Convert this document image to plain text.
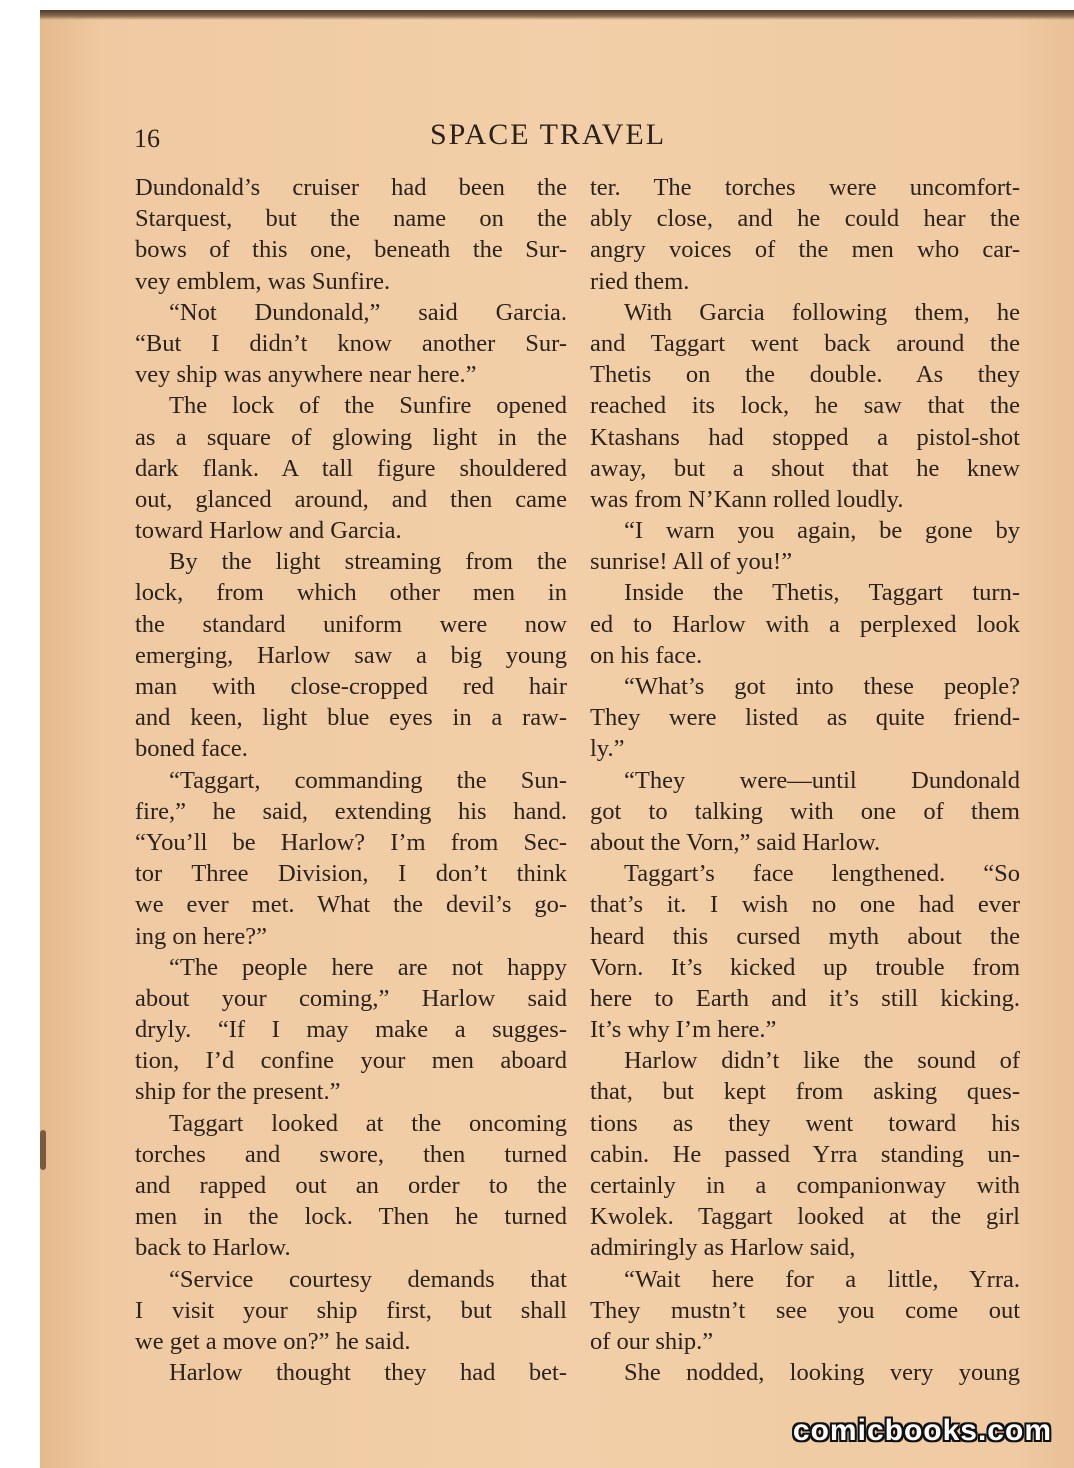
16	SPACE TRAVEL
Dundonald’s cruiser had been the
Starquest, but the name on the
bows of this one, beneath the Sur-
vey emblem, was Sunfire.
“Not Dundonald,” said Garcia.
“But I didn’t know another Sur-
vey ship was anywhere near here.”
The lock of the Sunfire opened
as a square of glowing light in the
dark flank. A tall figure shouldered
out, glanced around, and then came
toward Harlow and Garcia.
By the light streaming from the
lock, from which other men in
the standard uniform were now
emerging, Harlow saw a big young
man with close-cropped red hair
and keen, light blue eyes in a raw-
boned face.
“Taggart, commanding the Sun-
fire,” he said, extending his hand.
“You’ll be Harlow? I’m from Sec-
tor Three Division, I don’t think
we ever met. What the devil’s go-
ing on here?”
“The people here are not happy
about your coming,” Harlow said
dryly. “If I may make a sugges-
tion, I’d confine your men aboard
ship for the present.”
Taggart looked at the oncoming
torches and swore, then turned
and rapped out an order to the
men in the lock. Then he turned
back to Harlow.
“Service courtesy demands that
I visit your ship first, but shall
we get a move on?” he said.
Harlow thought they had bet-
ter. The torches were uncomfort-
ably close, and he could hear the
angry voices of the men who car-
ried them.
With Garcia following them, he
and Taggart went back around the
Thetis on the double. As they
reached its lock, he saw that the
Ktashans had stopped a pistol-shot
away, but a shout that he knew
was from N’Kann rolled loudly.
“I warn you again, be gone by
sunrise! All of you!”
Inside the Thetis, Taggart turn-
ed to Harlow with a perplexed look
on his face.
“What’s got into these people?
They were listed as quite friend-
ly.”
“They were—until Dundonald
got to talking with one of them
about the Vorn,” said Harlow.
Taggart’s face lengthened. “So
that’s it. I wish no one had ever
heard this cursed myth about the
Vorn. It’s kicked up trouble from
here to Earth and it’s still kicking.
It’s why I’m here.”
Harlow didn’t like the sound of
that, but kept from asking ques-
tions as they went toward his
cabin. He passed Yrra standing un-
certainly in a companionway with
Kwolek. Taggart looked at the girl
admiringly as Harlow said,
“Wait here for a little, Yrra.
They mustn’t see you come out
of our ship.”
She nodded, looking very young
comicbooks.com
